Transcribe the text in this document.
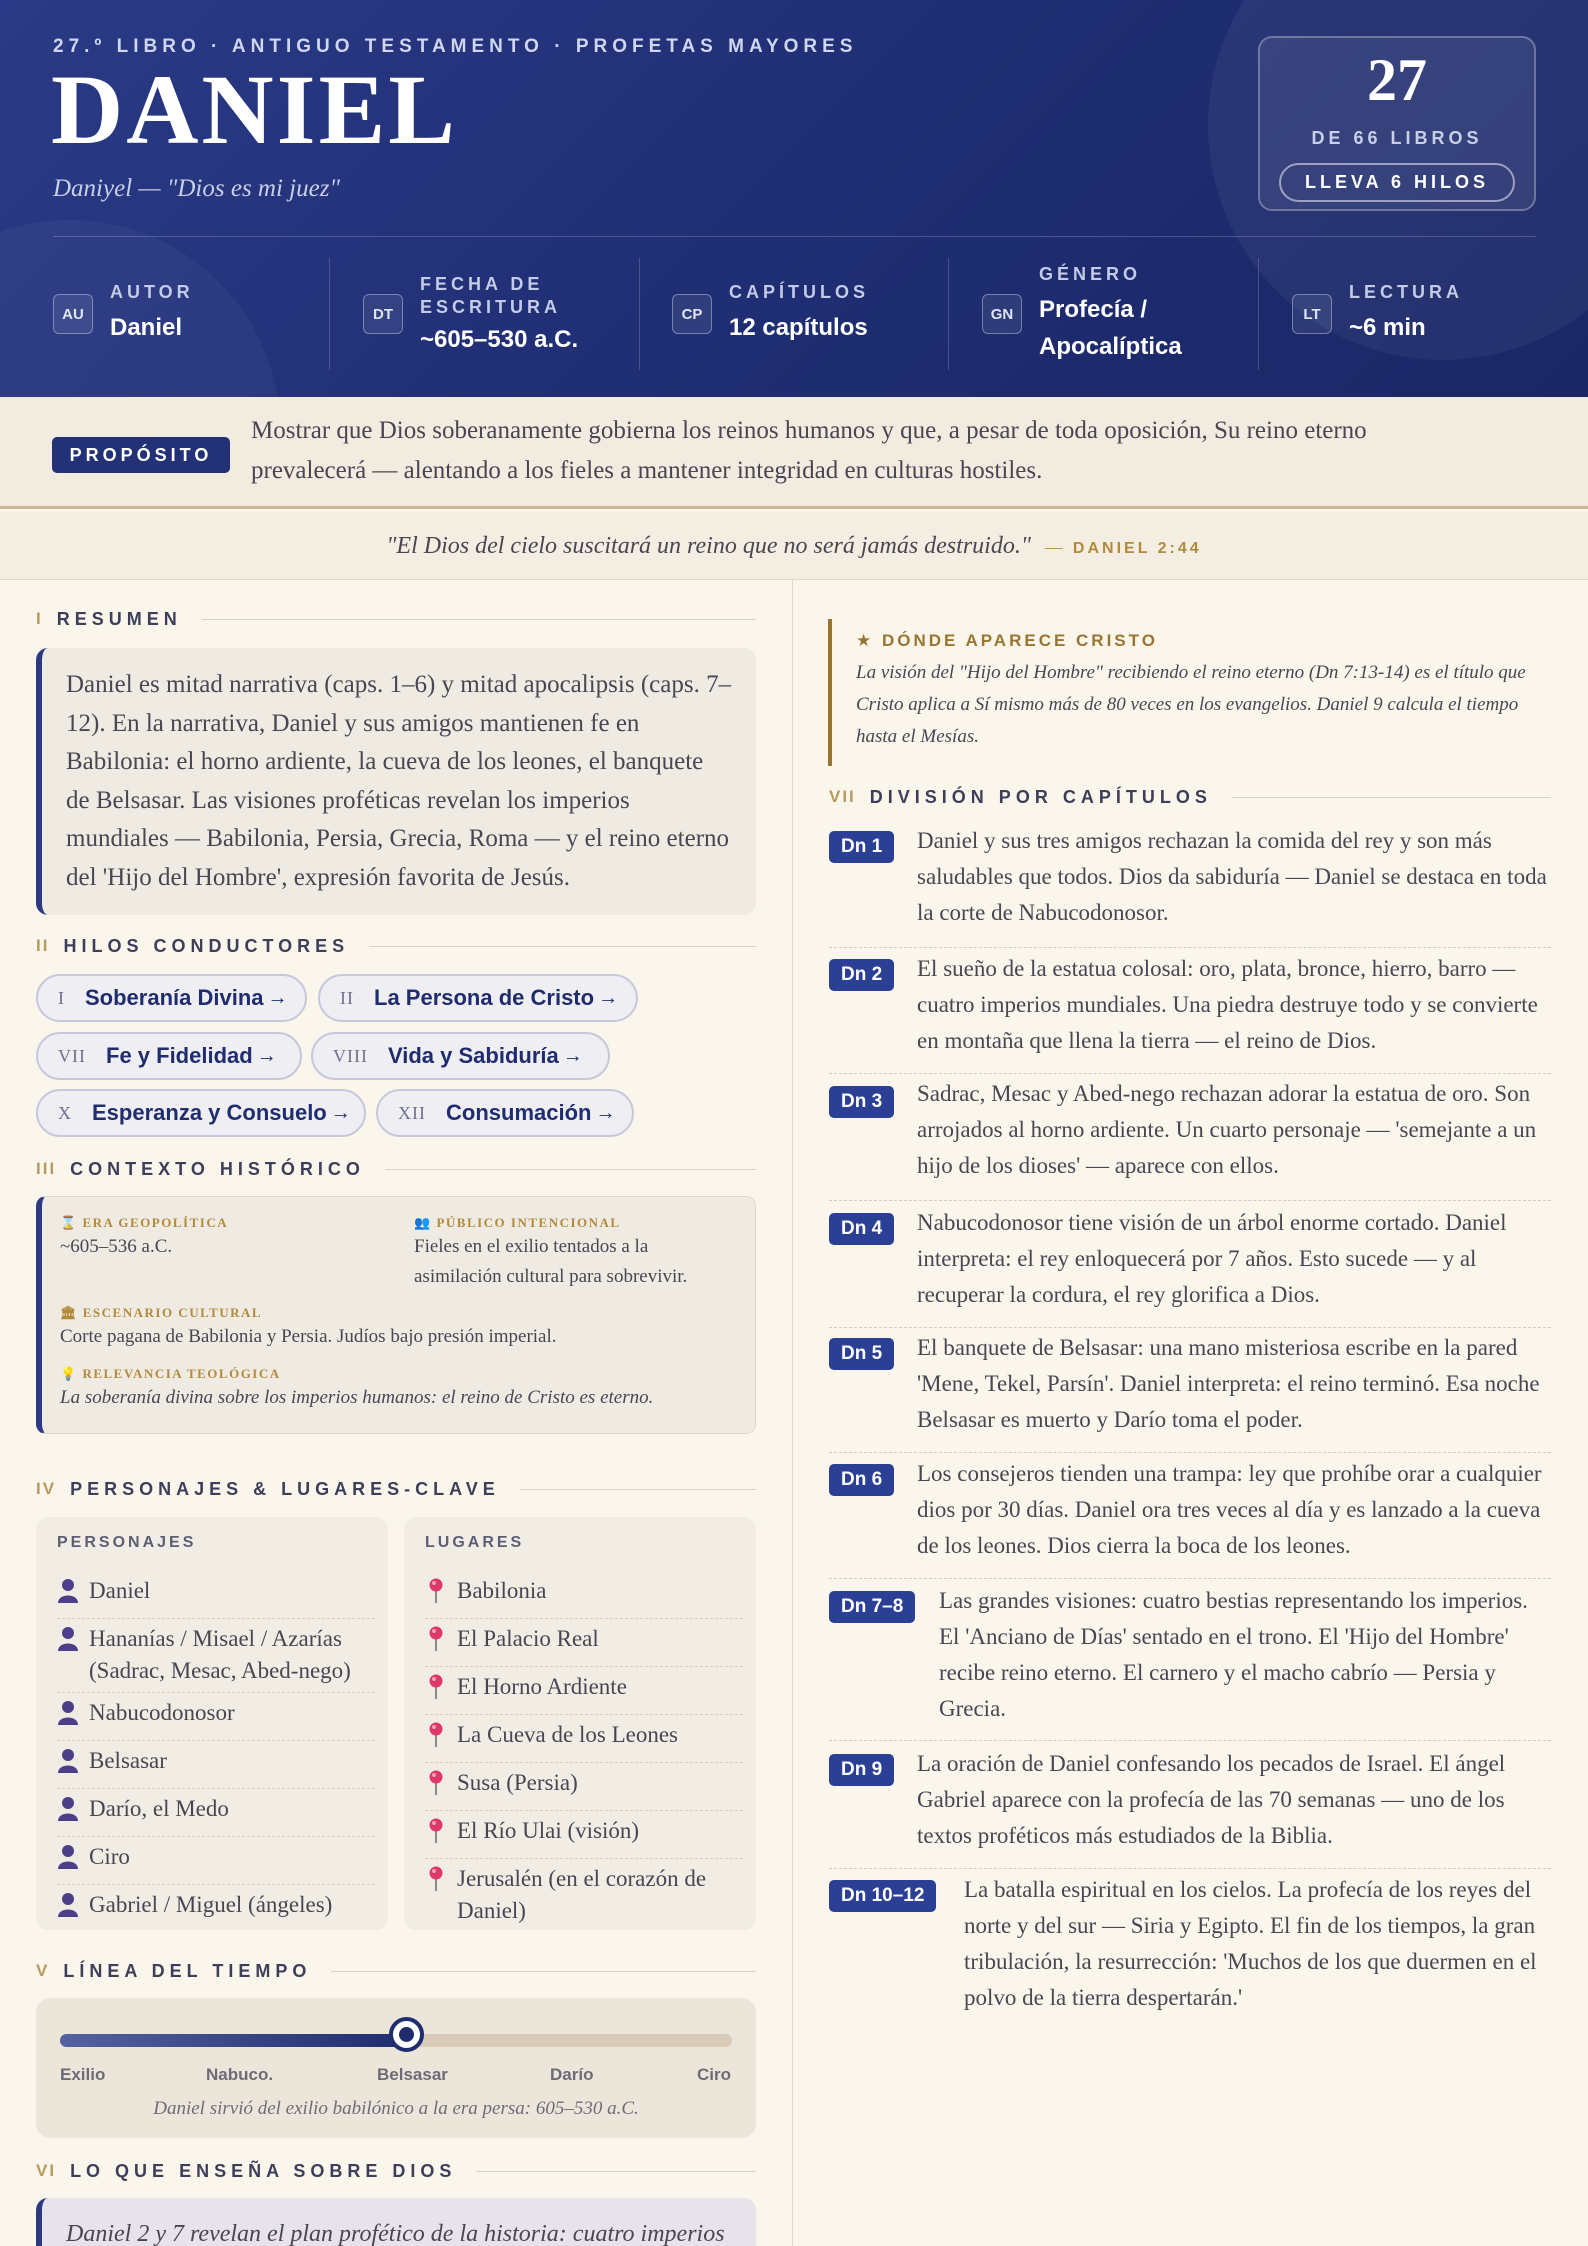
27.º LIBRO · ANTIGUO TESTAMENTO · PROFETAS MAYORES
DANIEL
Daniyel — "Dios es mi juez"
27
DE 66 LIBROS
LLEVA 6 HILOS
AU
AUTOR
Daniel	DT
FECHA DE ESCRITURA
~605–530 a.C.
CP
CAPÍTULOS
12 capítulos	GN
GÉNERO
Profecía / Apocalíptica
LT
LECTURA
~6 min
PROPÓSITO
Mostrar que Dios soberanamente gobierna los reinos humanos y que, a pesar de toda oposición, Su reino eterno prevalecerá — alentando a los fieles a mantener integridad en culturas hostiles.
"El Dios del cielo suscitará un reino que no será jamás destruido." — DANIEL 2:44
I RESUMEN
Daniel es mitad narrativa (caps. 1–6) y mitad apocalipsis (caps. 7–12). En la narrativa, Daniel y sus amigos mantienen fe en Babilonia: el horno ardiente, la cueva de los leones, el banquete de Belsasar. Las visiones proféticas revelan los imperios mundiales — Babilonia, Persia, Grecia, Roma — y el reino eterno del 'Hijo del Hombre', expresión favorita de Jesús.
II HILOS CONDUCTORES
I Soberanía Divina →	II La Persona de Cristo →
VII Fe y Fidelidad →	VIII Vida y Sabiduría →
X Esperanza y Consuelo →	XII Consumación →
III CONTEXTO HISTÓRICO
⌛ ERA GEOPOLÍTICA
~605–536 a.C.
👥 PÚBLICO INTENCIONAL
Fieles en el exilio tentados a la asimilación cultural para sobrevivir.
🏛 ESCENARIO CULTURAL
Corte pagana de Babilonia y Persia. Judíos bajo presión imperial.
💡 RELEVANCIA TEOLÓGICA
La soberanía divina sobre los imperios humanos: el reino de Cristo es eterno.
IV PERSONAJES & LUGARES-CLAVE
PERSONAJES
Daniel
Hananías / Misael / Azarías (Sadrac, Mesac, Abed-nego)
Nabucodonosor
Belsasar
Darío, el Medo
Ciro
Gabriel / Miguel (ángeles)
LUGARES
Babilonia
El Palacio Real
El Horno Ardiente
La Cueva de los Leones
Susa (Persia)
El Río Ulai (visión)
Jerusalén (en el corazón de Daniel)
V LÍNEA DEL TIEMPO
Exilio	Nabuco.	Belsasar	Darío	Ciro
Daniel sirvió del exilio babilónico a la era persa: 605–530 a.C.
VI LO QUE ENSEÑA SOBRE DIOS
Daniel 2 y 7 revelan el plan profético de la historia: cuatro imperios
★ DÓNDE APARECE CRISTO
La visión del "Hijo del Hombre" recibiendo el reino eterno (Dn 7:13-14) es el título que Cristo aplica a Sí mismo más de 80 veces en los evangelios. Daniel 9 calcula el tiempo hasta el Mesías.
VII DIVISIÓN POR CAPÍTULOS
Dn 1	Daniel y sus tres amigos rechazan la comida del rey y son más saludables que todos. Dios da sabiduría — Daniel se destaca en toda la corte de Nabucodonosor.
Dn 2	El sueño de la estatua colosal: oro, plata, bronce, hierro, barro — cuatro imperios mundiales. Una piedra destruye todo y se convierte en montaña que llena la tierra — el reino de Dios.
Dn 3	Sadrac, Mesac y Abed-nego rechazan adorar la estatua de oro. Son arrojados al horno ardiente. Un cuarto personaje — 'semejante a un hijo de los dioses' — aparece con ellos.
Dn 4	Nabucodonosor tiene visión de un árbol enorme cortado. Daniel interpreta: el rey enloquecerá por 7 años. Esto sucede — y al recuperar la cordura, el rey glorifica a Dios.
Dn 5	El banquete de Belsasar: una mano misteriosa escribe en la pared 'Mene, Tekel, Parsín'. Daniel interpreta: el reino terminó. Esa noche Belsasar es muerto y Darío toma el poder.
Dn 6	Los consejeros tienden una trampa: ley que prohíbe orar a cualquier dios por 30 días. Daniel ora tres veces al día y es lanzado a la cueva de los leones. Dios cierra la boca de los leones.
Dn 7–8	Las grandes visiones: cuatro bestias representando los imperios. El 'Anciano de Días' sentado en el trono. El 'Hijo del Hombre' recibe reino eterno. El carnero y el macho cabrío — Persia y Grecia.
Dn 9	La oración de Daniel confesando los pecados de Israel. El ángel Gabriel aparece con la profecía de las 70 semanas — uno de los textos proféticos más estudiados de la Biblia.
Dn 10–12	La batalla espiritual en los cielos. La profecía de los reyes del norte y del sur — Siria y Egipto. El fin de los tiempos, la gran tribulación, la resurrección: 'Muchos de los que duermen en el polvo de la tierra despertarán.'
